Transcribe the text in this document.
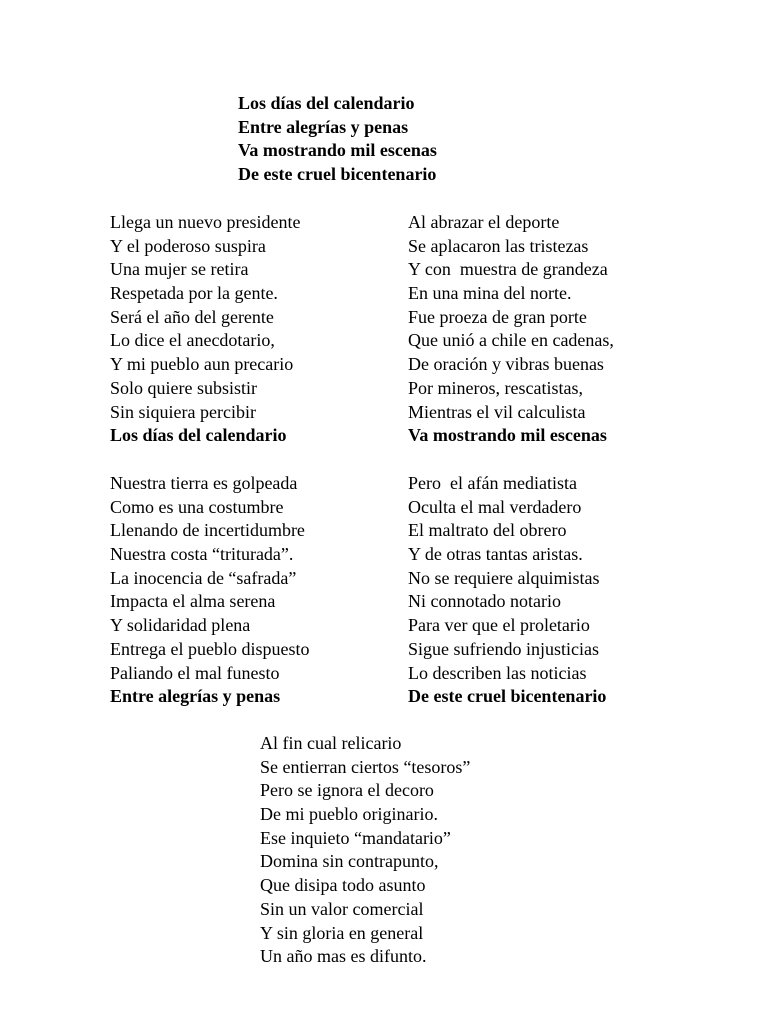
Los días del calendario
Entre alegrías y penas
Va mostrando mil escenas
De este cruel bicentenario
Llega un nuevo presidente
Y el poderoso suspira
Una mujer se retira
Respetada por la gente.
Será el año del gerente
Lo dice el anecdotario,
Y mi pueblo aun precario
Solo quiere subsistir
Sin siquiera percibir
Los días del calendario
Al abrazar el deporte
Se aplacaron las tristezas
Y con  muestra de grandeza
En una mina del norte.
Fue proeza de gran porte
Que unió a chile en cadenas,
De oración y vibras buenas
Por mineros, rescatistas,
Mientras el vil calculista
Va mostrando mil escenas
Nuestra tierra es golpeada
Como es una costumbre
Llenando de incertidumbre
Nuestra costa “triturada”.
La inocencia de “safrada”
Impacta el alma serena
Y solidaridad plena
Entrega el pueblo dispuesto
Paliando el mal funesto
Entre alegrías y penas
Pero  el afán mediatista
Oculta el mal verdadero
El maltrato del obrero
Y de otras tantas aristas.
No se requiere alquimistas
Ni connotado notario
Para ver que el proletario
Sigue sufriendo injusticias
Lo describen las noticias
De este cruel bicentenario
Al fin cual relicario
Se entierran ciertos “tesoros”
Pero se ignora el decoro
De mi pueblo originario.
Ese inquieto “mandatario”
Domina sin contrapunto,
Que disipa todo asunto
Sin un valor comercial
Y sin gloria en general
Un año mas es difunto.
